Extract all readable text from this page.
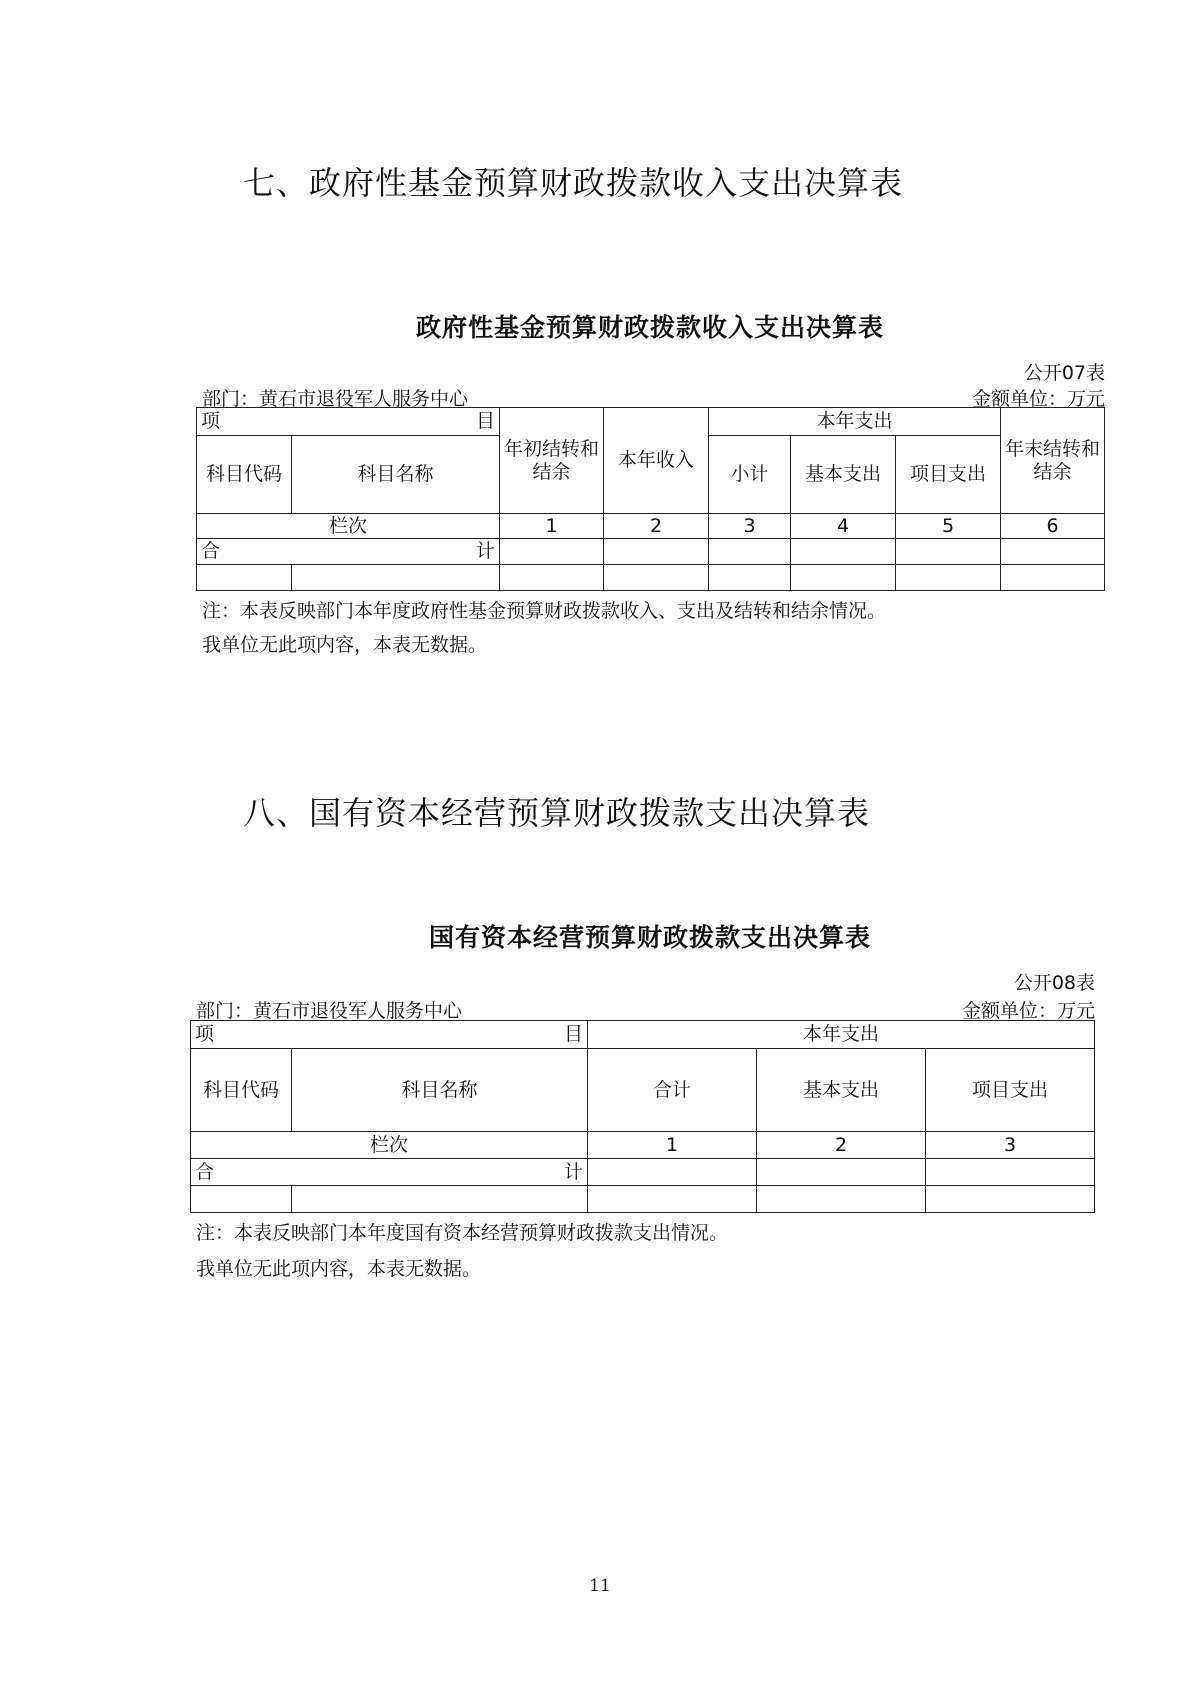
七、政府性基金预算财政拨款收入支出决算表
政府性基金预算财政拨款收入支出决算表
公开07表
部门：黄石市退役军人服务中心	金额单位：万元
项 目		年初结转和结余	本年收入	本年支出			年末结转和结余
科目代码	科目名称			小计	基本支出	项目支出	
栏次		1	2	3	4	5	6

合 计							

注：本表反映部门本年度政府性基金预算财政拨款收入、支出及结转和结余情况。
我单位无此项内容，本表无数据。
八、国有资本经营预算财政拨款支出决算表
国有资本经营预算财政拨款支出决算表
公开08表
部门：黄石市退役军人服务中心	金额单位：万元
项 目		本年支出		
科目代码	科目名称	合计	基本支出	项目支出
栏次		1	2	3

合 计				

注：本表反映部门本年度国有资本经营预算财政拨款支出情况。
我单位无此项内容，本表无数据。
11
